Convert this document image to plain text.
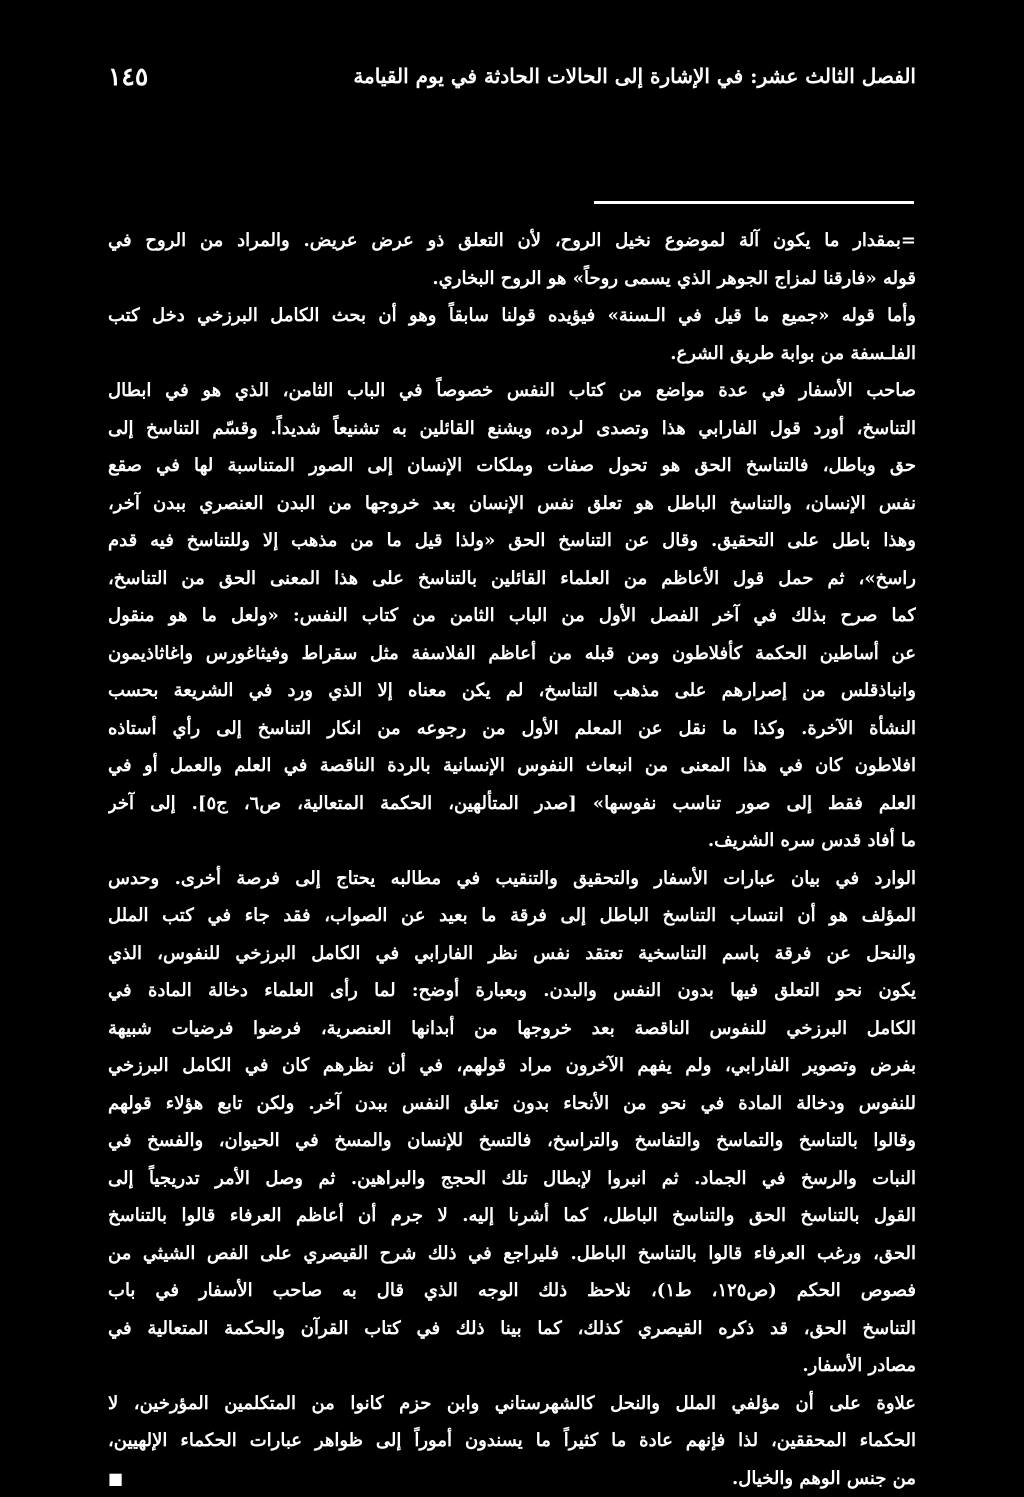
١٤٥	الفصل الثالث عشر: في الإشارة إلى الحالات الحادثة في يوم القيامة
=بمقدار ما يكون آلة لموضوع نخيل الروح، لأن التعلق ذو عرض عريض. والمراد من الروح في
قوله «فارقنا لمزاج الجوهر الذي يسمى روحاً» هو الروح البخاري.
وأما قوله «جميع ما قيل في الـسنة» فيؤيده قولنا سابقاً وهو أن بحث الكامل البرزخي دخل كتب
الفلـسفة من بوابة طريق الشرع.
صاحب الأسفار في عدة مواضع من كتاب النفس خصوصاً في الباب الثامن، الذي هو في ابطال
التناسخ، أورد قول الفارابي هذا وتصدى لرده، ويشنع القائلين به تشنيعاً شديداً. وقسّم التناسخ إلى
حق وباطل، فالتناسخ الحق هو تحول صفات وملكات الإنسان إلى الصور المتناسبة لها في صقع
نفس الإنسان، والتناسخ الباطل هو تعلق نفس الإنسان بعد خروجها من البدن العنصري ببدن آخر،
وهذا باطل على التحقيق. وقال عن التناسخ الحق «ولذا قيل ما من مذهب إلا وللتناسخ فيه قدم
راسخ»، ثم حمل قول الأعاظم من العلماء القائلين بالتناسخ على هذا المعنى الحق من التناسخ،
كما صرح بذلك في آخر الفصل الأول من الباب الثامن من كتاب النفس: «ولعل ما هو منقول
عن أساطين الحكمة كأفلاطون ومن قبله من أعاظم الفلاسفة مثل سقراط وفيثاغورس واغاثاذيمون
وانباذقلس من إصرارهم على مذهب التناسخ، لم يكن معناه إلا الذي ورد في الشريعة بحسب
النشأة الآخرة. وكذا ما نقل عن المعلم الأول من رجوعه من انكار التناسخ إلى رأي أستاذه
افلاطون كان في هذا المعنى من انبعاث النفوس الإنسانية بالردة الناقصة في العلم والعمل أو في
العلم فقط إلى صور تناسب نفوسها» [صدر المتألهين، الحكمة المتعالية، ص٦، ج٥]. إلى آخر
ما أفاد قدس سره الشريف.
الوارد في بيان عبارات الأسفار والتحقيق والتنقيب في مطالبه يحتاج إلى فرصة أخرى. وحدس
المؤلف هو أن انتساب التناسخ الباطل إلى فرقة ما بعيد عن الصواب، فقد جاء في كتب الملل
والنحل عن فرقة باسم التناسخية تعتقد نفس نظر الفارابي في الكامل البرزخي للنفوس، الذي
يكون نحو التعلق فيها بدون النفس والبدن. وبعبارة أوضح: لما رأى العلماء دخالة المادة في
الكامل البرزخي للنفوس الناقصة بعد خروجها من أبدانها العنصرية، فرضوا فرضيات شبيهة
بفرض وتصوير الفارابي، ولم يفهم الآخرون مراد قولهم، في أن نظرهم كان في الكامل البرزخي
للنفوس ودخالة المادة في نحو من الأنحاء بدون تعلق النفس ببدن آخر. ولكن تابع هؤلاء قولهم
وقالوا بالتناسخ والتماسخ والتفاسخ والتراسخ، فالتسخ للإنسان والمسخ في الحيوان، والفسخ في
النبات والرسخ في الجماد. ثم انبروا لإبطال تلك الحجج والبراهين. ثم وصل الأمر تدريجياً إلى
القول بالتناسخ الحق والتناسخ الباطل، كما أشرنا إليه. لا جرم أن أعاظم العرفاء قالوا بالتناسخ
الحق، ورغب العرفاء قالوا بالتناسخ الباطل. فليراجع في ذلك شرح القيصري على الفص الشيثي من
فصوص الحكم (ص١٢٥، ط١)، نلاحظ ذلك الوجه الذي قال به صاحب الأسفار في باب
التناسخ الحق، قد ذكره القيصري كذلك، كما بينا ذلك في كتاب القرآن والحكمة المتعالية في
مصادر الأسفار.
علاوة على أن مؤلفي الملل والنحل كالشهرستاني وابن حزم كانوا من المتكلمين المؤرخين، لا
الحكماء المحققين، لذا فإنهم عادة ما كثيراً ما يسندون أموراً إلى ظواهر عبارات الحكماء الإلهيين،
من جنس الوهم والخيال.
■
